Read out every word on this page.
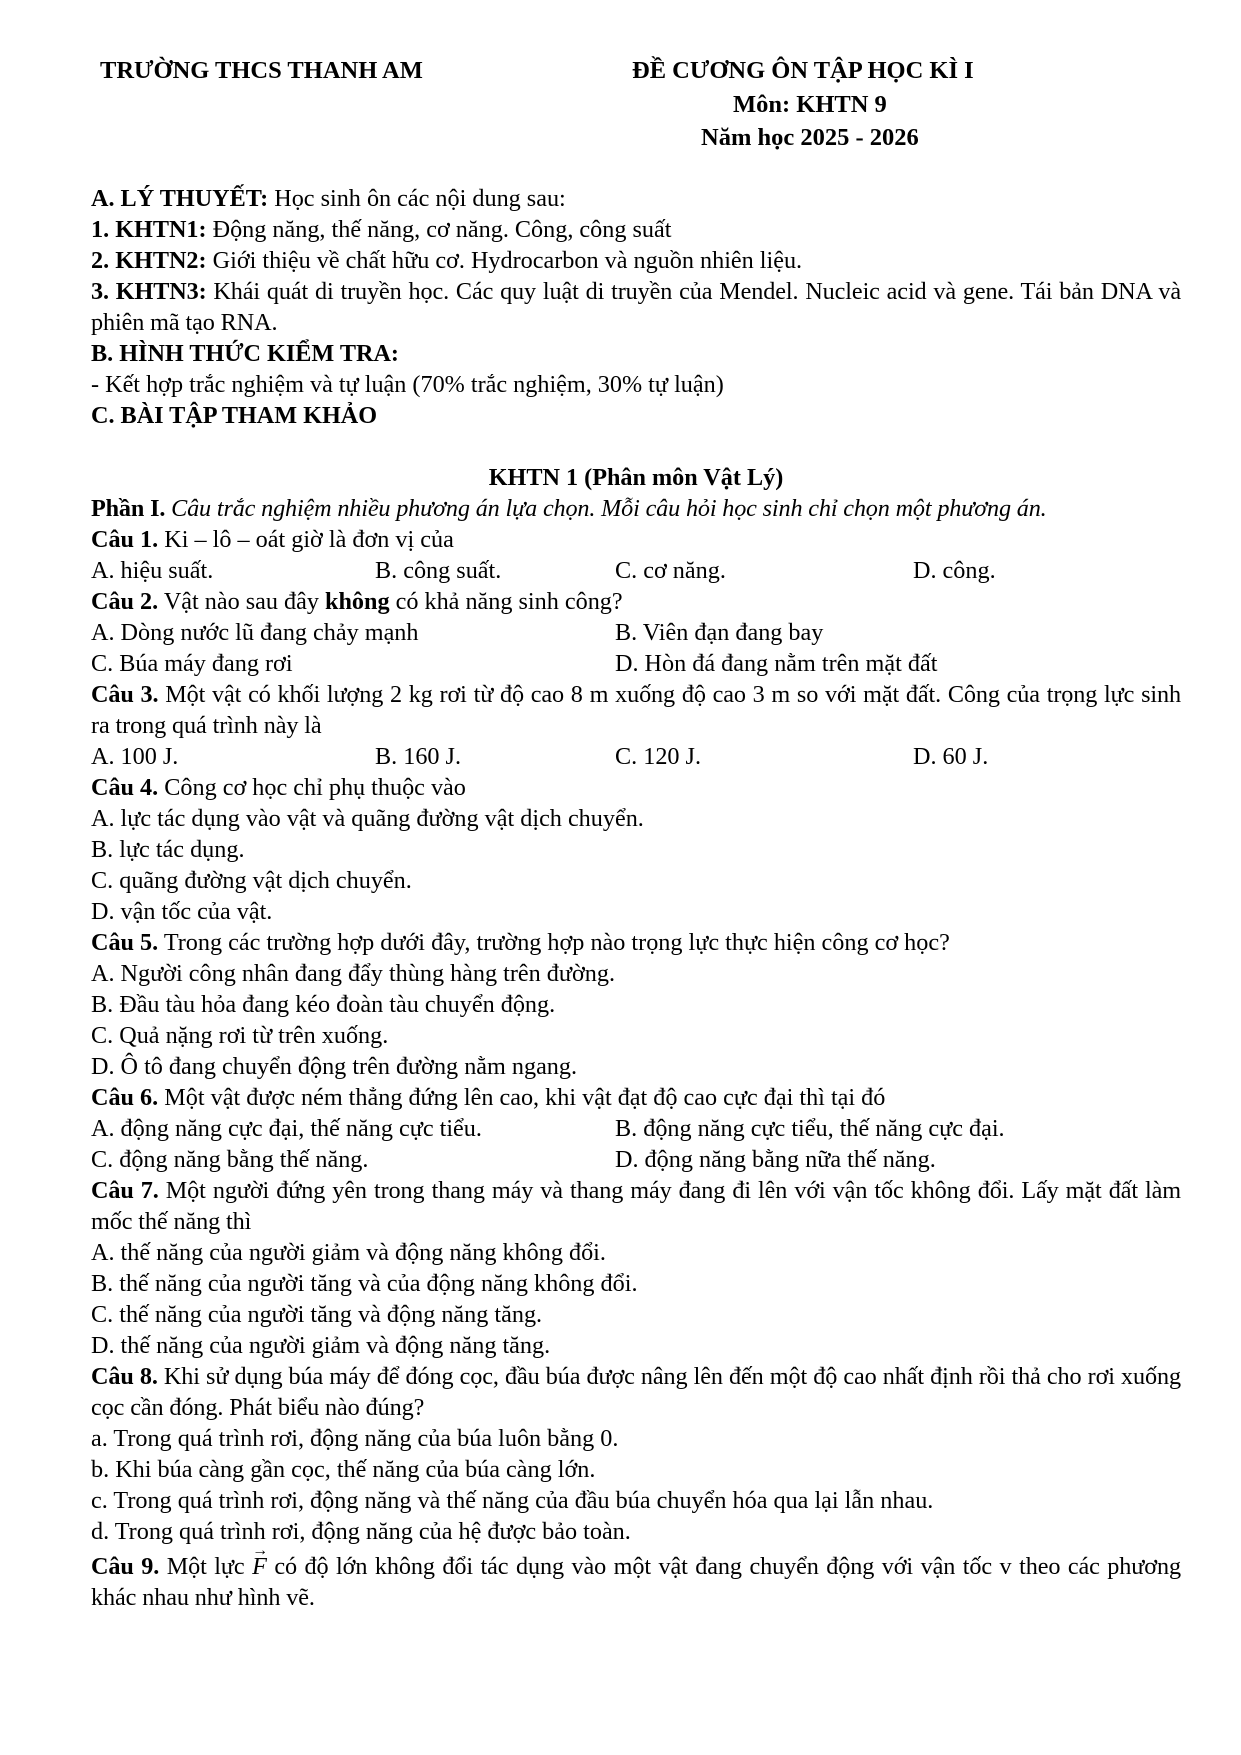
TRƯỜNG THCS THANH AM	ĐỀ CƯƠNG ÔN TẬP HỌC KÌ I
Môn: KHTN 9
Năm học 2025 - 2026

A. LÝ THUYẾT: Học sinh ôn các nội dung sau:

1. KHTN1: Động năng, thế năng, cơ năng. Công, công suất

2. KHTN2: Giới thiệu về chất hữu cơ. Hydrocarbon và nguồn nhiên liệu.

3. KHTN3: Khái quát di truyền học. Các quy luật di truyền của Mendel. Nucleic acid và gene. Tái bản DNA và phiên mã tạo RNA.

B. HÌNH THỨC KIỂM TRA:

- Kết hợp trắc nghiệm và tự luận (70% trắc nghiệm, 30% tự luận)

C. BÀI TẬP THAM KHẢO

KHTN 1 (Phân môn Vật Lý)

Phần I. Câu trắc nghiệm nhiều phương án lựa chọn. Mỗi câu hỏi học sinh chỉ chọn một phương án.

Câu 1. Ki – lô – oát giờ là đơn vị của

A. hiệu suất.	B. công suất.	C. cơ năng.	D. công.

Câu 2. Vật nào sau đây không có khả năng sinh công?

A. Dòng nước lũ đang chảy mạnh	B. Viên đạn đang bay
C. Búa máy đang rơi	D. Hòn đá đang nằm trên mặt đất

Câu 3. Một vật có khối lượng 2 kg rơi từ độ cao 8 m xuống độ cao 3 m so với mặt đất. Công của trọng lực sinh ra trong quá trình này là

A. 100 J.	B. 160 J.	C. 120 J.	D. 60 J.

Câu 4. Công cơ học chỉ phụ thuộc vào

A. lực tác dụng vào vật và quãng đường vật dịch chuyển.

B. lực tác dụng.

C. quãng đường vật dịch chuyển.

D. vận tốc của vật.

Câu 5. Trong các trường hợp dưới đây, trường hợp nào trọng lực thực hiện công cơ học?

A. Người công nhân đang đẩy thùng hàng trên đường.

B. Đầu tàu hỏa đang kéo đoàn tàu chuyển động.

C. Quả nặng rơi từ trên xuống.

D. Ô tô đang chuyển động trên đường nằm ngang.

Câu 6. Một vật được ném thẳng đứng lên cao, khi vật đạt độ cao cực đại thì tại đó

A. động năng cực đại, thế năng cực tiểu.	B. động năng cực tiểu, thế năng cực đại.
C. động năng bằng thế năng.	D. động năng bằng nữa thế năng.

Câu 7. Một người đứng yên trong thang máy và thang máy đang đi lên với vận tốc không đổi. Lấy mặt đất làm mốc thế năng thì

A. thế năng của người giảm và động năng không đổi.

B. thế năng của người tăng và của động năng không đổi.

C. thế năng của người tăng và động năng tăng.

D. thế năng của người giảm và động năng tăng.

Câu 8. Khi sử dụng búa máy để đóng cọc, đầu búa được nâng lên đến một độ cao nhất định rồi thả cho rơi xuống cọc cần đóng. Phát biểu nào đúng?

a. Trong quá trình rơi, động năng của búa luôn bằng 0.

b. Khi búa càng gần cọc, thế năng của búa càng lớn.

c. Trong quá trình rơi, động năng và thế năng của đầu búa chuyển hóa qua lại lẫn nhau.

d. Trong quá trình rơi, động năng của hệ được bảo toàn.

Câu 9. Một lực → F có độ lớn không đổi tác dụng vào một vật đang chuyển động với vận tốc v theo các phương khác nhau như hình vẽ.
